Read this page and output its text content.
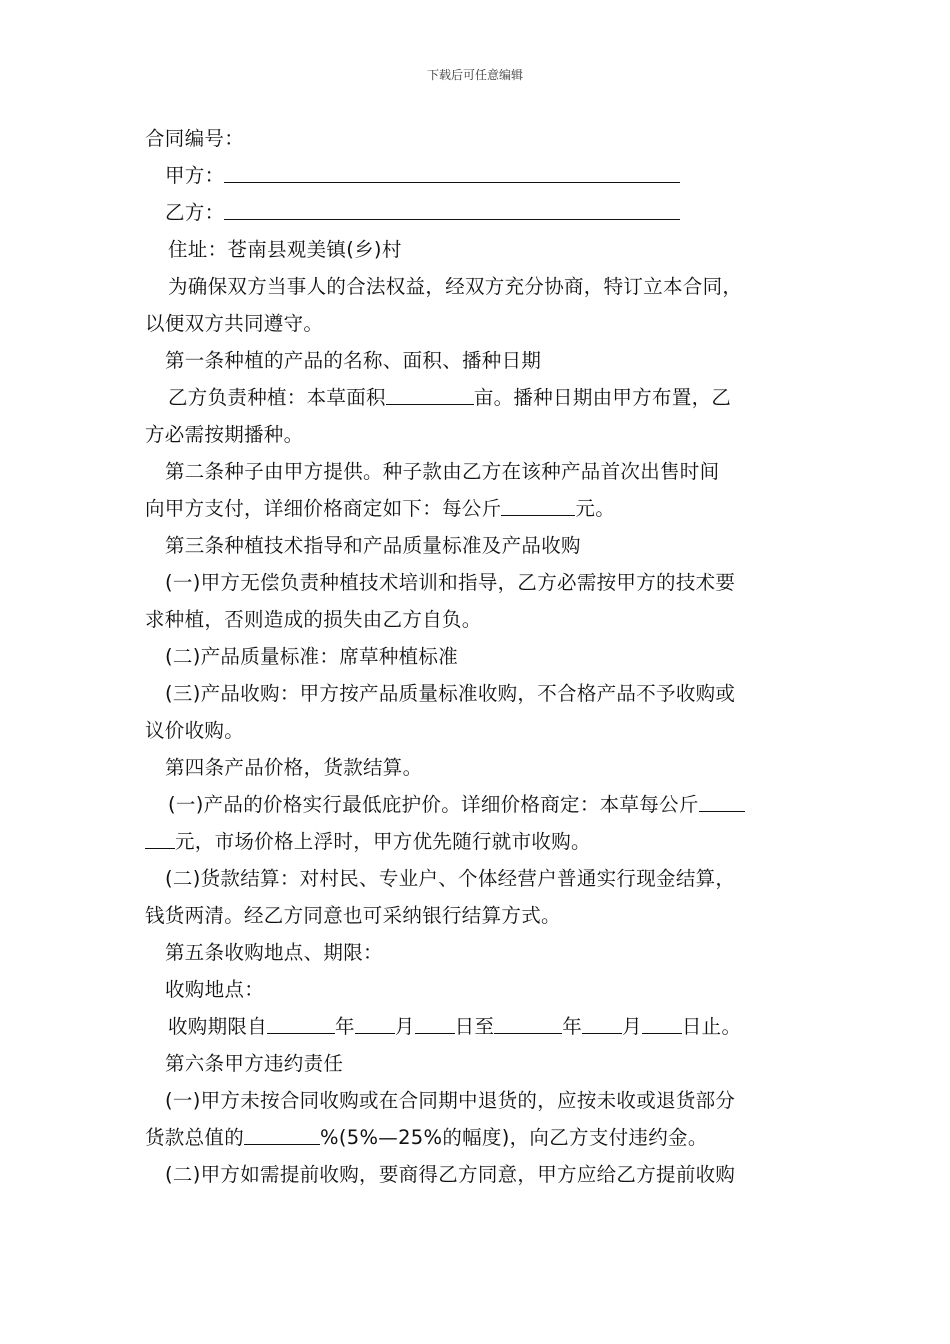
下载后可任意编辑
合同编号：
甲方：
乙方：
住址：苍南县观美镇(乡)村
为确保双方当事人的合法权益，经双方充分协商，特订立本合同，
以便双方共同遵守。
第一条种植的产品的名称、面积、播种日期
乙方负责种植：本草面积	亩。播种日期由甲方布置，乙
方必需按期播种。
第二条种子由甲方提供。种子款由乙方在该种产品首次出售时间
向甲方支付，详细价格商定如下：每公斤	元。
第三条种植技术指导和产品质量标准及产品收购
(一)甲方无偿负责种植技术培训和指导，乙方必需按甲方的技术要
求种植，否则造成的损失由乙方自负。
(二)产品质量标准：席草种植标准
(三)产品收购：甲方按产品质量标准收购，不合格产品不予收购或
议价收购。
第四条产品价格，货款结算。
(一)产品的价格实行最低庇护价。详细价格商定：本草每公斤
元，市场价格上浮时，甲方优先随行就市收购。
(二)货款结算：对村民、专业户、个体经营户普通实行现金结算，
钱货两清。经乙方同意也可采纳银行结算方式。
第五条收购地点、期限：
收购地点：
收购期限自	年 月 日至	年 月 日止。
第六条甲方违约责任
(一)甲方未按合同收购或在合同期中退货的，应按未收或退货部分
货款总值的	%(5%—25%的幅度)，向乙方支付违约金。
(二)甲方如需提前收购，要商得乙方同意，甲方应给乙方提前收购
